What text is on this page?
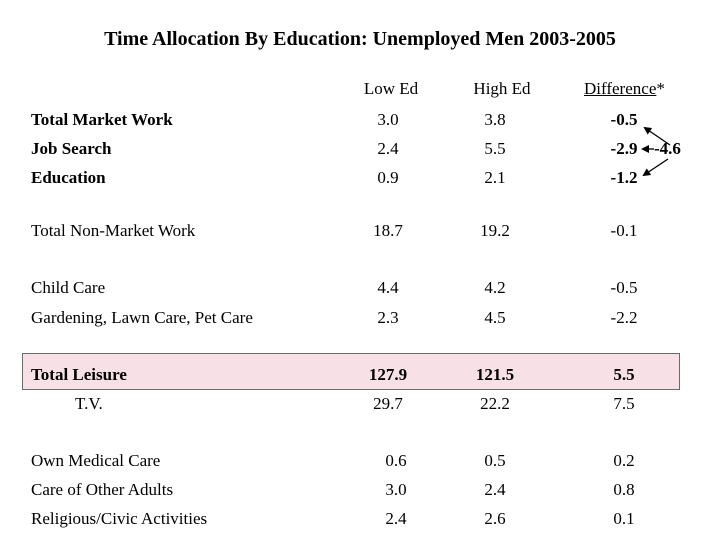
Time Allocation By Education: Unemployed Men 2003-2005
Low Ed	High Ed	Difference*
Total Market Work	3.0	3.8	-0.5
Job Search	2.4	5.5	-2.9
Education	0.9	2.1	-1.2
-4.6
Total Non-Market Work	18.7	19.2	-0.1
Child Care	4.4	4.2	-0.5
Gardening, Lawn Care, Pet Care	2.3	4.5	-2.2
Total Leisure	127.9	121.5	5.5
T.V.	29.7	22.2	7.5
Own Medical Care	0.6	0.5	0.2
Care of Other Adults	3.0	2.4	0.8
Religious/Civic Activities	2.4	2.6	0.1
